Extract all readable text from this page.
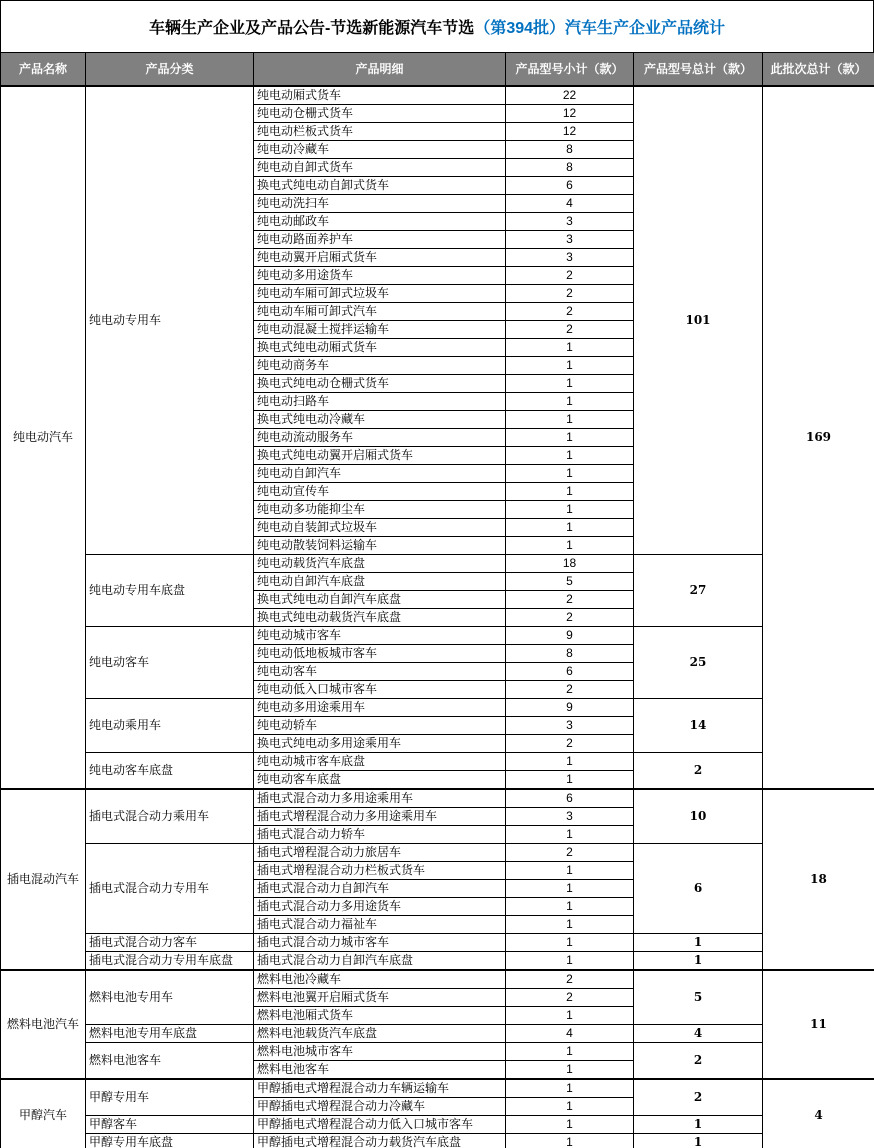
车辆生产企业及产品公告-节选新能源汽车节选 （第394批）汽车生产企业产品统计
产品名称	产品分类	产品明细	产品型号小计（款）	产品型号总计（款）	此批次总计（款）
纯电动汽车	纯电动专用车	纯电动厢式货车	22	101	169
		纯电动仓栅式货车	12		
		纯电动栏板式货车	12		
		纯电动冷藏车	8		
		纯电动自卸式货车	8		
		换电式纯电动自卸式货车	6		
		纯电动洗扫车	4		
		纯电动邮政车	3		
		纯电动路面养护车	3		
		纯电动翼开启厢式货车	3		
		纯电动多用途货车	2		
		纯电动车厢可卸式垃圾车	2		
		纯电动车厢可卸式汽车	2		
		纯电动混凝土搅拌运输车	2		
		换电式纯电动厢式货车	1		
		纯电动商务车	1		
		换电式纯电动仓栅式货车	1		
		纯电动扫路车	1		
		换电式纯电动冷藏车	1		
		纯电动流动服务车	1		
		换电式纯电动翼开启厢式货车	1		
		纯电动自卸汽车	1		
		纯电动宣传车	1		
		纯电动多功能抑尘车	1		
		纯电动自装卸式垃圾车	1		
		纯电动散装饲料运输车	1		
	纯电动专用车底盘	纯电动载货汽车底盘	18	27	
		纯电动自卸汽车底盘	5		
		换电式纯电动自卸汽车底盘	2		
		换电式纯电动载货汽车底盘	2		
	纯电动客车	纯电动城市客车	9	25	
		纯电动低地板城市客车	8		
		纯电动客车	6		
		纯电动低入口城市客车	2		
	纯电动乘用车	纯电动多用途乘用车	9	14	
		纯电动轿车	3		
		换电式纯电动多用途乘用车	2		
	纯电动客车底盘	纯电动城市客车底盘	1	2	
		纯电动客车底盘	1		
插电混动汽车	插电式混合动力乘用车	插电式混合动力多用途乘用车	6	10	18
		插电式增程混合动力多用途乘用车	3		
		插电式混合动力轿车	1		
	插电式混合动力专用车	插电式增程混合动力旅居车	2	6	
		插电式增程混合动力栏板式货车	1		
		插电式混合动力自卸汽车	1		
		插电式混合动力多用途货车	1		
		插电式混合动力福祉车	1		
	插电式混合动力客车	插电式混合动力城市客车	1	1	
	插电式混合动力专用车底盘	插电式混合动力自卸汽车底盘	1	1	
燃料电池汽车	燃料电池专用车	燃料电池冷藏车	2	5	11
		燃料电池翼开启厢式货车	2		
		燃料电池厢式货车	1		
	燃料电池专用车底盘	燃料电池载货汽车底盘	4	4	
	燃料电池客车	燃料电池城市客车	1	2	
		燃料电池客车	1		
甲醇汽车	甲醇专用车	甲醇插电式增程混合动力车辆运输车	1	2	4
		甲醇插电式增程混合动力冷藏车	1		
	甲醇客车	甲醇插电式增程混合动力低入口城市客车	1	1	
	甲醇专用车底盘	甲醇插电式增程混合动力载货汽车底盘	1	1	
